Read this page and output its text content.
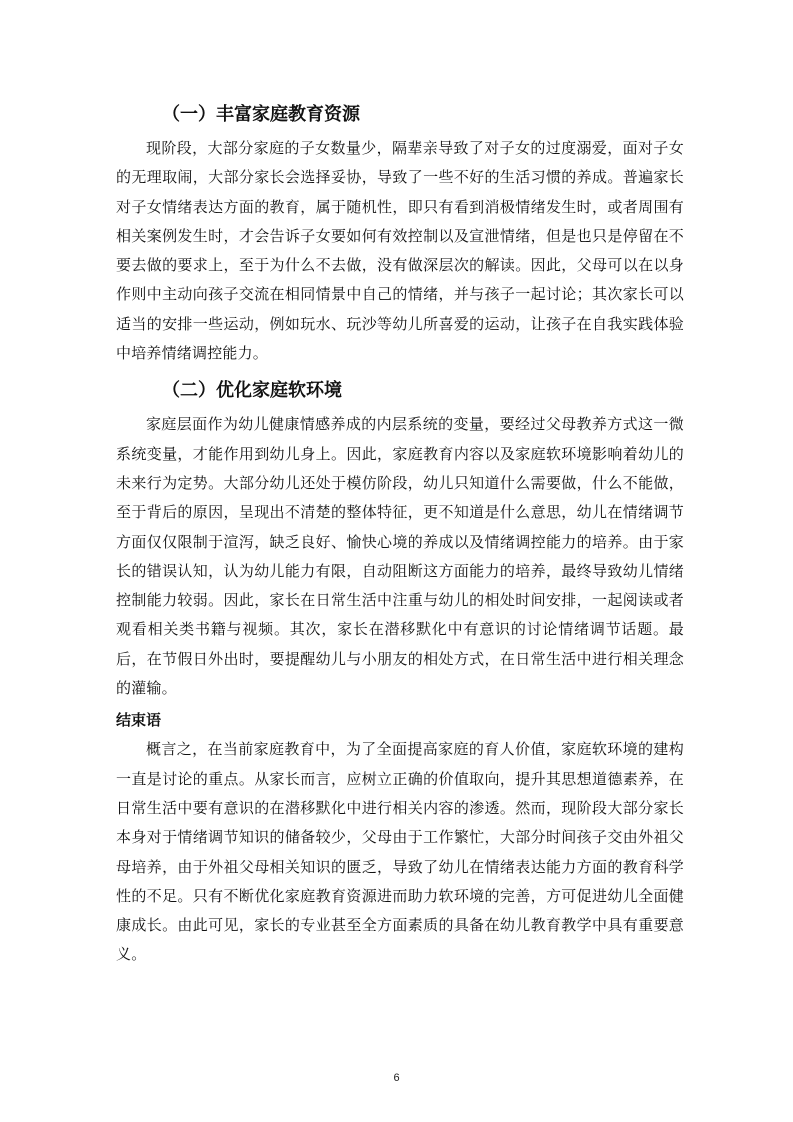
（一）丰富家庭教育资源

现阶段，大部分家庭的子女数量少，隔辈亲导致了对子女的过度溺爱，面对子女的无理取闹，大部分家长会选择妥协，导致了一些不好的生活习惯的养成。普遍家长对子女情绪表达方面的教育，属于随机性，即只有看到消极情绪发生时，或者周围有相关案例发生时，才会告诉子女要如何有效控制以及宣泄情绪，但是也只是停留在不要去做的要求上，至于为什么不去做，没有做深层次的解读。因此，父母可以在以身作则中主动向孩子交流在相同情景中自己的情绪，并与孩子一起讨论；其次家长可以适当的安排一些运动，例如玩水、玩沙等幼儿所喜爱的运动，让孩子在自我实践体验中培养情绪调控能力。

（二）优化家庭软环境

家庭层面作为幼儿健康情感养成的内层系统的变量，要经过父母教养方式这一微系统变量，才能作用到幼儿身上。因此，家庭教育内容以及家庭软环境影响着幼儿的未来行为定势。大部分幼儿还处于模仿阶段，幼儿只知道什么需要做，什么不能做，至于背后的原因，呈现出不清楚的整体特征，更不知道是什么意思，幼儿在情绪调节方面仅仅限制于渲泻，缺乏良好、愉快心境的养成以及情绪调控能力的培养。由于家长的错误认知，认为幼儿能力有限，自动阻断这方面能力的培养，最终导致幼儿情绪控制能力较弱。因此，家长在日常生活中注重与幼儿的相处时间安排，一起阅读或者观看相关类书籍与视频。其次，家长在潜移默化中有意识的讨论情绪调节话题。最后，在节假日外出时，要提醒幼儿与小朋友的相处方式，在日常生活中进行相关理念的灌输。

结束语

概言之，在当前家庭教育中，为了全面提高家庭的育人价值，家庭软环境的建构一直是讨论的重点。从家长而言，应树立正确的价值取向，提升其思想道德素养，在日常生活中要有意识的在潜移默化中进行相关内容的渗透。然而，现阶段大部分家长本身对于情绪调节知识的储备较少，父母由于工作繁忙，大部分时间孩子交由外祖父母培养，由于外祖父母相关知识的匮乏，导致了幼儿在情绪表达能力方面的教育科学性的不足。只有不断优化家庭教育资源进而助力软环境的完善，方可促进幼儿全面健康成长。由此可见，家长的专业甚至全方面素质的具备在幼儿教育教学中具有重要意义。

6
